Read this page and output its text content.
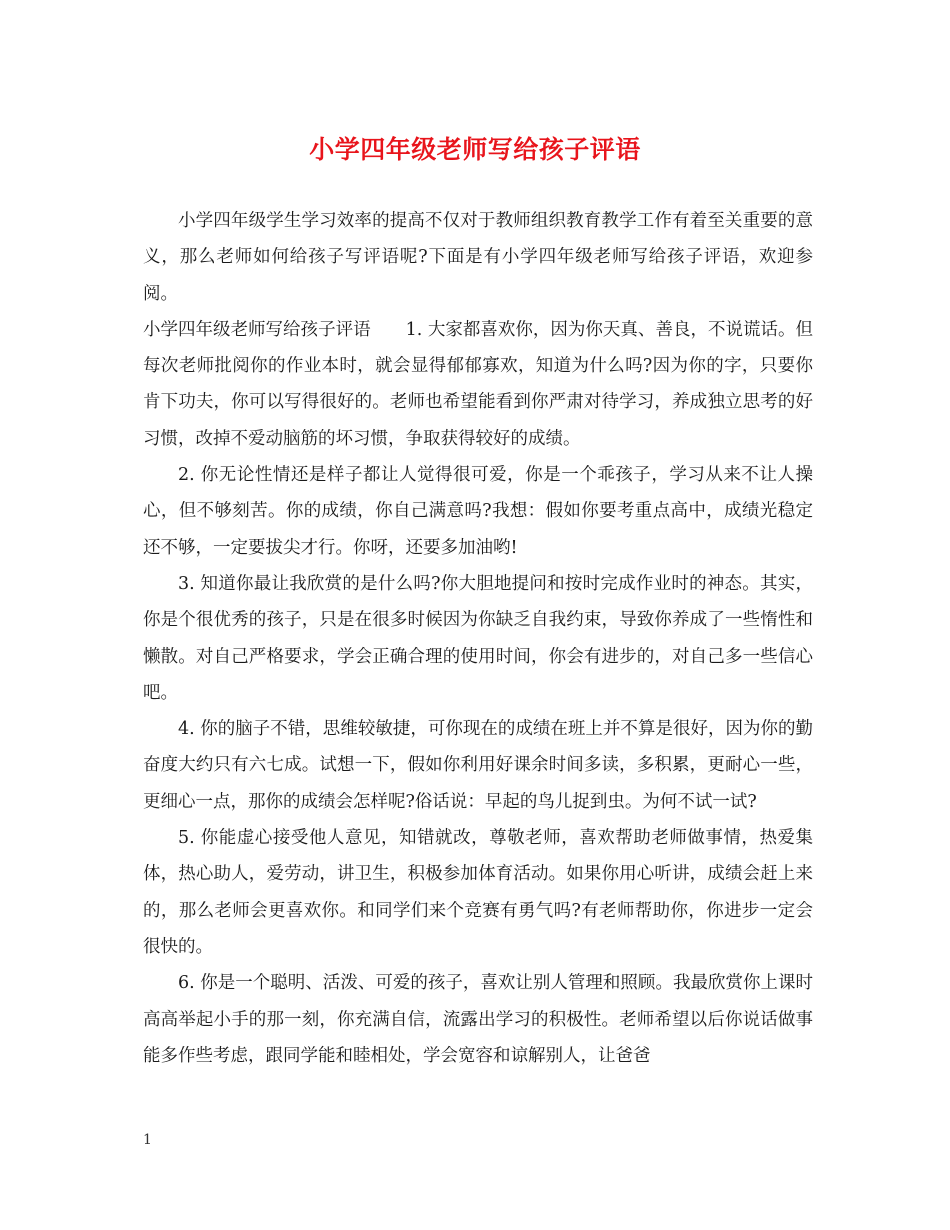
小学四年级老师写给孩子评语

小学四年级学生学习效率的提高不仅对于教师组织教育教学工作有着至关重要的意义，那么老师如何给孩子写评语呢?下面是有小学四年级老师写给孩子评语，欢迎参阅。

小学四年级老师写给孩子评语　　1. 大家都喜欢你，因为你天真、善良，不说谎话。但每次老师批阅你的作业本时，就会显得郁郁寡欢，知道为什么吗?因为你的字，只要你肯下功夫，你可以写得很好的。老师也希望能看到你严肃对待学习，养成独立思考的好习惯，改掉不爱动脑筋的坏习惯，争取获得较好的成绩。

2. 你无论性情还是样子都让人觉得很可爱，你是一个乖孩子，学习从来不让人操心，但不够刻苦。你的成绩，你自己满意吗?我想：假如你要考重点高中，成绩光稳定还不够，一定要拔尖才行。你呀，还要多加油哟!

3. 知道你最让我欣赏的是什么吗?你大胆地提问和按时完成作业时的神态。其实，你是个很优秀的孩子，只是在很多时候因为你缺乏自我约束，导致你养成了一些惰性和懒散。对自己严格要求，学会正确合理的使用时间，你会有进步的，对自己多一些信心吧。

4. 你的脑子不错，思维较敏捷，可你现在的成绩在班上并不算是很好，因为你的勤奋度大约只有六七成。试想一下，假如你利用好课余时间多读，多积累，更耐心一些，更细心一点，那你的成绩会怎样呢?俗话说：早起的鸟儿捉到虫。为何不试一试?

5. 你能虚心接受他人意见，知错就改，尊敬老师，喜欢帮助老师做事情，热爱集体，热心助人，爱劳动，讲卫生，积极参加体育活动。如果你用心听讲，成绩会赶上来的，那么老师会更喜欢你。和同学们来个竞赛有勇气吗?有老师帮助你，你进步一定会很快的。

6. 你是一个聪明、活泼、可爱的孩子，喜欢让别人管理和照顾。我最欣赏你上课时高高举起小手的那一刻，你充满自信，流露出学习的积极性。老师希望以后你说话做事能多作些考虑，跟同学能和睦相处，学会宽容和谅解别人，让爸爸

1
